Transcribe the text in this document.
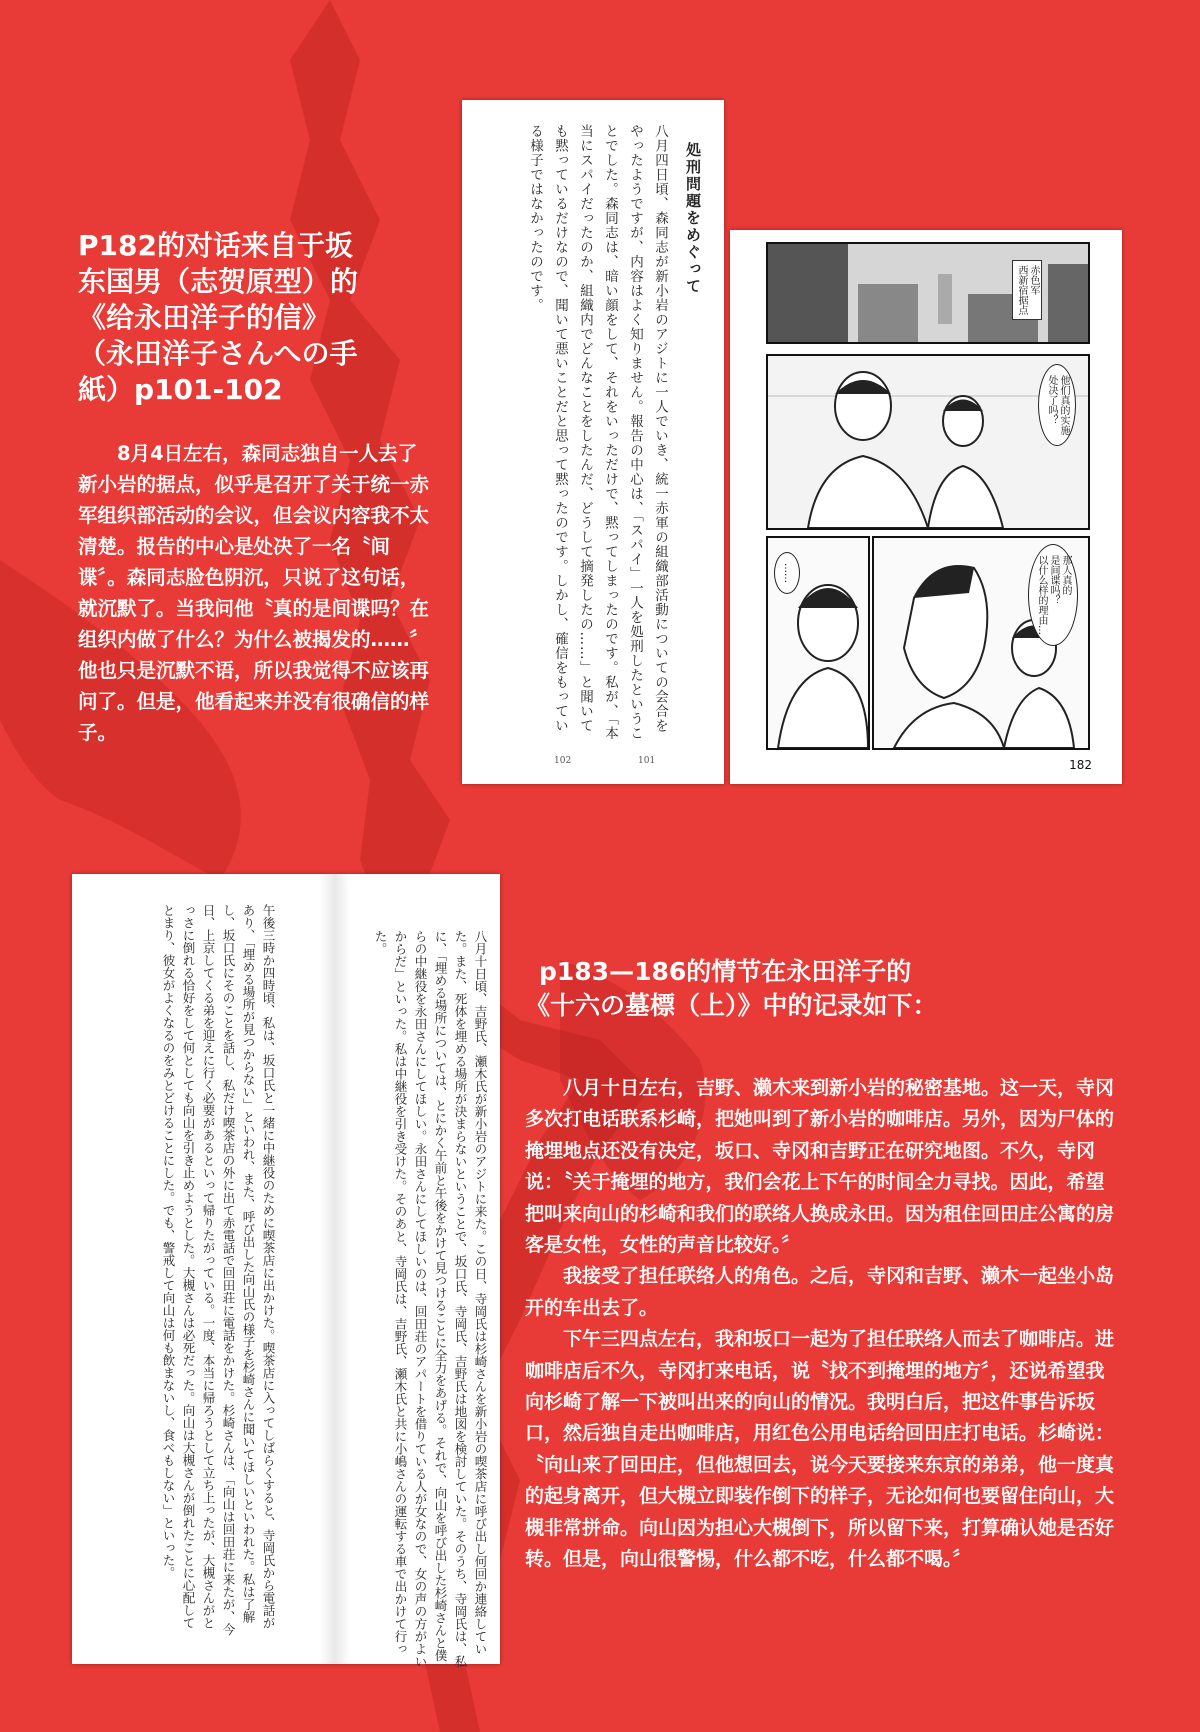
P182的对话来自于坂
东国男（志贺原型）的
《给永田洋子的信》
（永田洋子さんへの手
紙）p101-102

8月4日左右，森同志独自一人去了新小岩的据点，似乎是召开了关于统一赤军组织部活动的会议，但会议内容我不太清楚。报告的中心是处决了一名〝间谍〞。森同志脸色阴沉，只说了这句话，就沉默了。当我问他〝真的是间谍吗？在组织内做了什么？为什么被揭发的……〞他也只是沉默不语，所以我觉得不应该再问了。但是，他看起来并没有很确信的样子。

処刑問題をめぐって
八月四日頃、森同志が新小岩のアジトに一人でいき、統一赤軍の組織部活動についての会合をやったようですが、内容はよく知りません。報告の中心は、「スパイ」一人を処刑したということでした。森同志は、暗い顔をして、それをいっただけで、黙ってしまったのです。私が、「本当にスパイだったのか、組織内でどんなことをしたんだ、どうして摘発したの……」と聞いても黙っているだけなので、聞いて悪いことだと思って黙ったのです。しかし、確信をもっている様子ではなかったのです。
102	101
赤色军
西新宿据点
他们真的实施
处决了吗？
……	那人真的
是间谍吗？
以什么样的理由…
182
八月十日頃、吉野氏、瀬木氏が新小岩のアジトに来た。この日、寺岡氏は杉崎さんを新小岩の喫茶店に呼び出し何回か連絡していた。また、死体を埋める場所が決まらないということで、坂口氏、寺岡氏、吉野氏は地図を検討していた。そのうち、寺岡氏は、私に、「埋める場所については、とにかく午前と午後をかけて見つけることに全力をあげる。それで、向山を呼び出した杉崎さんと僕らの中継役を永田さんにしてほしい。永田さんにしてほしいのは、回田荘のアパートを借りている人が女なので、女の声の方がよいからだ」といった。私は中継役を引き受けた。そのあと、寺岡氏は、吉野氏、瀬木氏と共に小嶋さんの運転する車で出かけて行った。
午後三時か四時頃、私は、坂口氏と一緒に中継役のために喫茶店に出かけた。喫茶店に入ってしばらくすると、寺岡氏から電話があり、「埋める場所が見つからない」といわれ、また、呼び出した向山氏の様子を杉崎さんに聞いてほしいといわれた。私は了解し、坂口氏にそのことを話し、私だけ喫茶店の外に出て赤電話で回田荘に電話をかけた。杉崎さんは、「向山は回田荘に来たが、今日、上京してくる弟を迎えに行く必要があるといって帰りたがっている。一度、本当に帰ろうとして立ち上ったが、大槻さんがとっさに倒れる恰好をして何としても向山を引き止めようとした。大槻さんは必死だった。向山は大槻さんが倒れたことに心配してとまり、彼女がよくなるのをみとどけることにした。でも、警戒して向山は何も飲まないし、食べもしない」といった。	p183—186的情节在永田洋子的
《十六の墓標（上）》中的记录如下：

八月十日左右，吉野、濑木来到新小岩的秘密基地。这一天，寺冈多次打电话联系杉崎，把她叫到了新小岩的咖啡店。另外，因为尸体的掩埋地点还没有决定，坂口、寺冈和吉野正在研究地图。不久，寺冈说：〝关于掩埋的地方，我们会花上下午的时间全力寻找。因此，希望把叫来向山的杉崎和我们的联络人换成永田。因为租住回田庄公寓的房客是女性，女性的声音比较好。〞

我接受了担任联络人的角色。之后，寺冈和吉野、濑木一起坐小岛开的车出去了。

下午三四点左右，我和坂口一起为了担任联络人而去了咖啡店。进咖啡店后不久，寺冈打来电话，说〝找不到掩埋的地方〞，还说希望我向杉崎了解一下被叫出来的向山的情况。我明白后，把这件事告诉坂口，然后独自走出咖啡店，用红色公用电话给回田庄打电话。杉崎说：〝向山来了回田庄，但他想回去，说今天要接来东京的弟弟，他一度真的起身离开，但大槻立即装作倒下的样子，无论如何也要留住向山，大槻非常拼命。向山因为担心大槻倒下，所以留下来，打算确认她是否好转。但是，向山很警惕，什么都不吃，什么都不喝。〞
